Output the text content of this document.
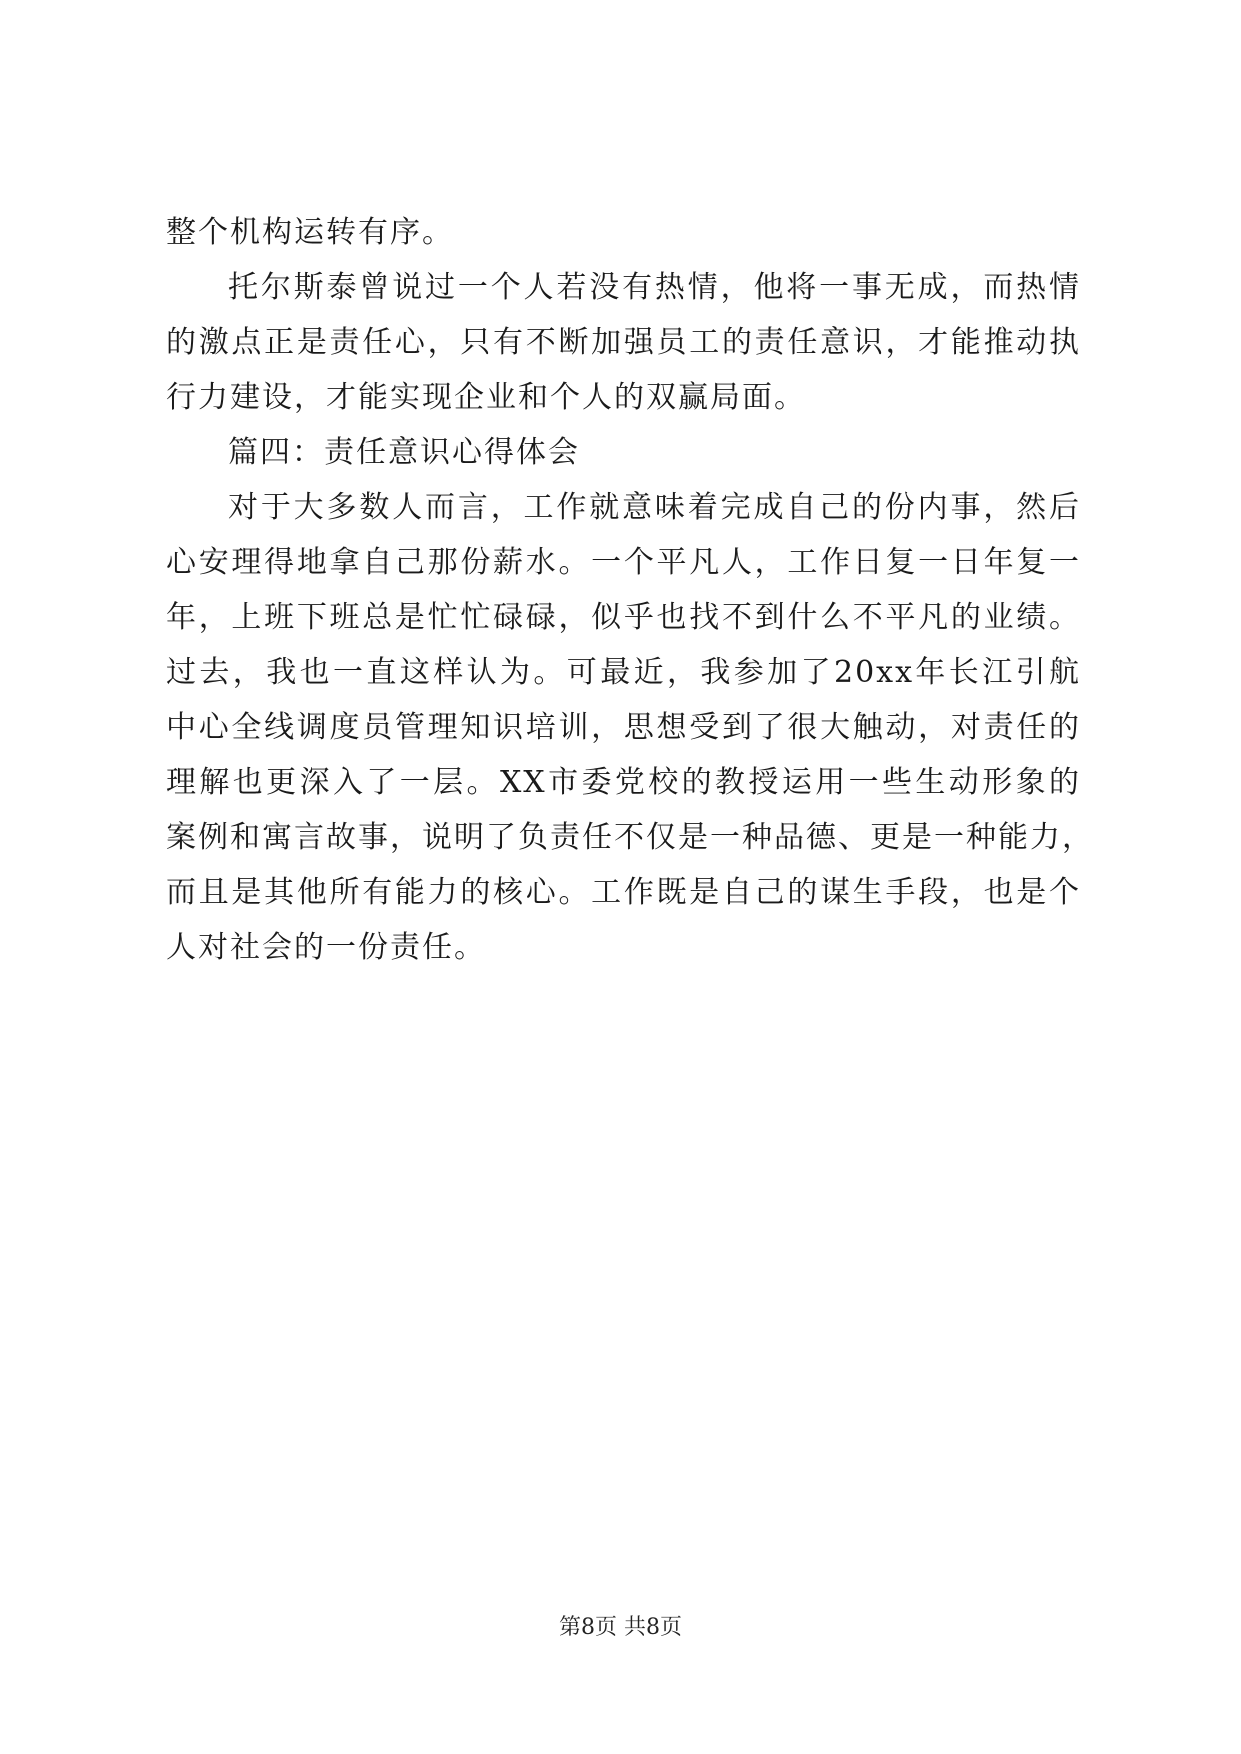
整个机构运转有序。
托尔斯泰曾说过一个人若没有热情，他将一事无成，而热情
的激点正是责任心，只有不断加强员工的责任意识，才能推动执
行力建设，才能实现企业和个人的双赢局面。
篇四：责任意识心得体会
对于大多数人而言，工作就意味着完成自己的份内事，然后
心安理得地拿自己那份薪水。一个平凡人，工作日复一日年复一
年，上班下班总是忙忙碌碌，似乎也找不到什么不平凡的业绩。
过去，我也一直这样认为。可最近，我参加了20xx年长江引航
中心全线调度员管理知识培训，思想受到了很大触动，对责任的
理解也更深入了一层。XX市委党校的教授运用一些生动形象的
案例和寓言故事，说明了负责任不仅是一种品德、更是一种能力，
而且是其他所有能力的核心。工作既是自己的谋生手段，也是个
人对社会的一份责任。
第8页 共8页
